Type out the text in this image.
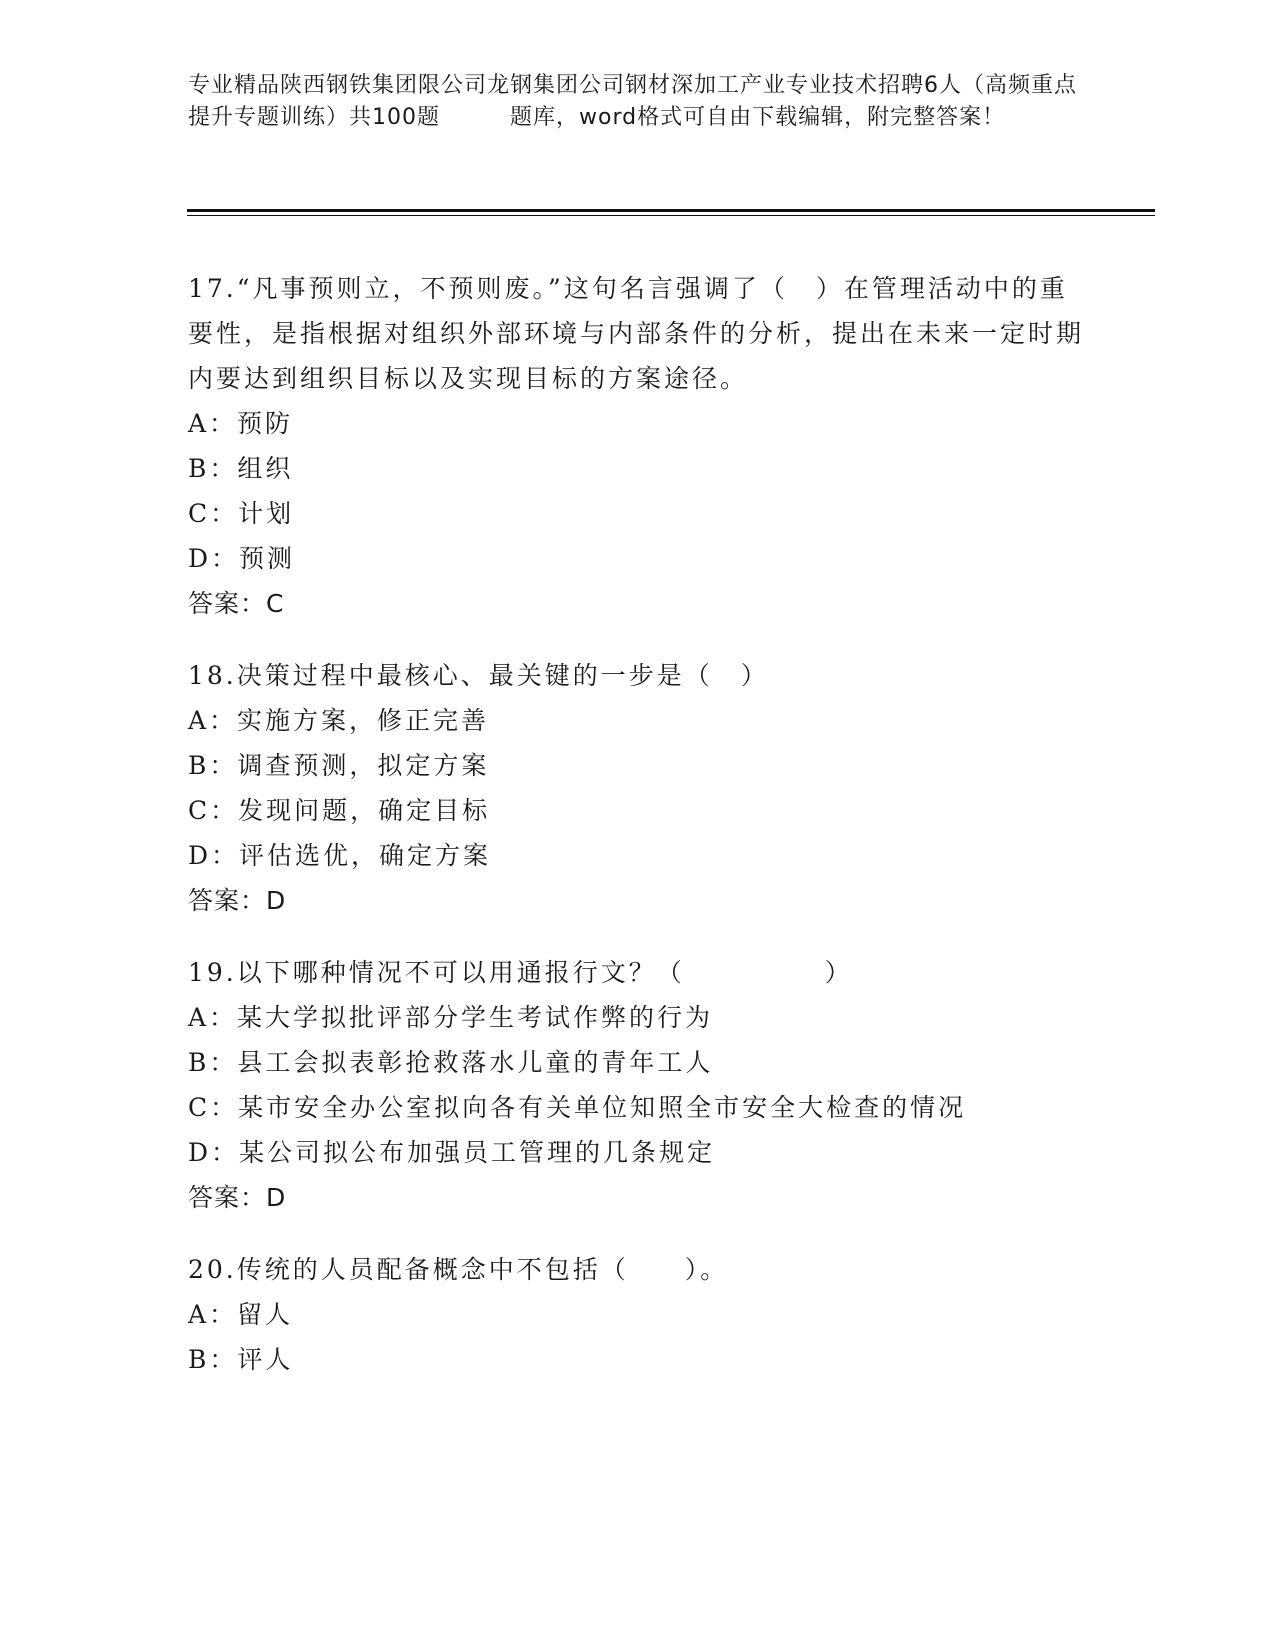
专业精品陕西钢铁集团限公司龙钢集团公司钢材深加工产业专业技术招聘6人（高频重点提升专题训练）共100题	题库，word格式可自由下载编辑，附完整答案！

17.“凡事预则立，不预则废。”这句名言强调了（　）在管理活动中的重要性，是指根据对组织外部环境与内部条件的分析，提出在未来一定时期内要达到组织目标以及实现目标的方案途径。

A：预防

B：组织

C：计划

D：预测

答案：C

18.决策过程中最核心、最关键的一步是（　）

A：实施方案，修正完善

B：调查预测，拟定方案

C：发现问题，确定目标

D：评估选优，确定方案

答案：D

19.以下哪种情况不可以用通报行文？（　　　　　）

A：某大学拟批评部分学生考试作弊的行为

B：县工会拟表彰抢救落水儿童的青年工人

C：某市安全办公室拟向各有关单位知照全市安全大检查的情况

D：某公司拟公布加强员工管理的几条规定

答案：D

20.传统的人员配备概念中不包括（　　）。

A：留人

B：评人
